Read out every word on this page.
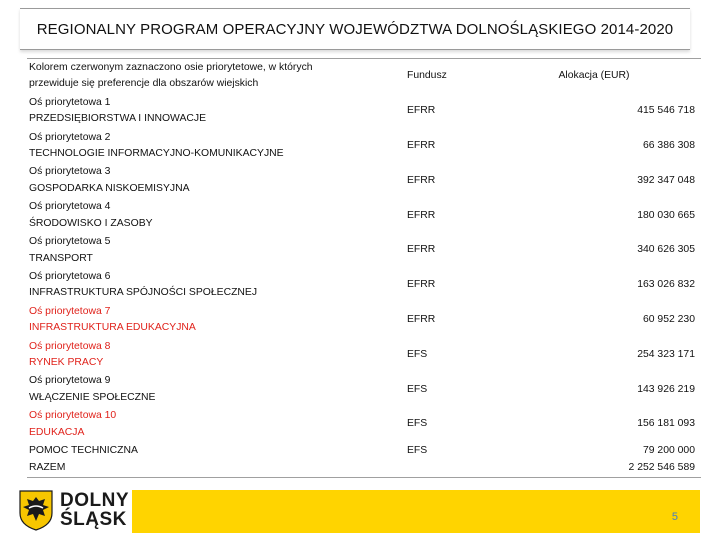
REGIONALNY PROGRAM OPERACYJNY WOJEWÓDZTWA DOLNOŚLĄSKIEGO 2014-2020
Kolorem czerwonym zaznaczono osie priorytetowe, w których
przewiduje się preferencje dla obszarów wiejskich	Fundusz	Alokacja (EUR)

Oś priorytetowa 1
PRZEDSIĘBIORSTWA I INNOWACJE	EFRR	415 546 718

Oś priorytetowa 2
TECHNOLOGIE INFORMACYJNO-KOMUNIKACYJNE	EFRR	66 386 308

Oś priorytetowa 3
GOSPODARKA NISKOEMISYJNA	EFRR	392 347 048

Oś priorytetowa 4
ŚRODOWISKO I ZASOBY	EFRR	180 030 665

Oś priorytetowa 5
TRANSPORT	EFRR	340 626 305

Oś priorytetowa 6
INFRASTRUKTURA SPÓJNOŚCI SPOŁECZNEJ	EFRR	163 026 832

Oś priorytetowa 7
INFRASTRUKTURA EDUKACYJNA	EFRR	60 952 230

Oś priorytetowa 8
RYNEK PRACY	EFS	254 323 171

Oś priorytetowa 9
WŁĄCZENIE SPOŁECZNE	EFS	143 926 219

Oś priorytetowa 10
EDUKACJA	EFS	156 181 093
POMOC TECHNICZNA	EFS	79 200 000
RAZEM		2 252 546 589
DOLNY
ŚLĄSK	5
